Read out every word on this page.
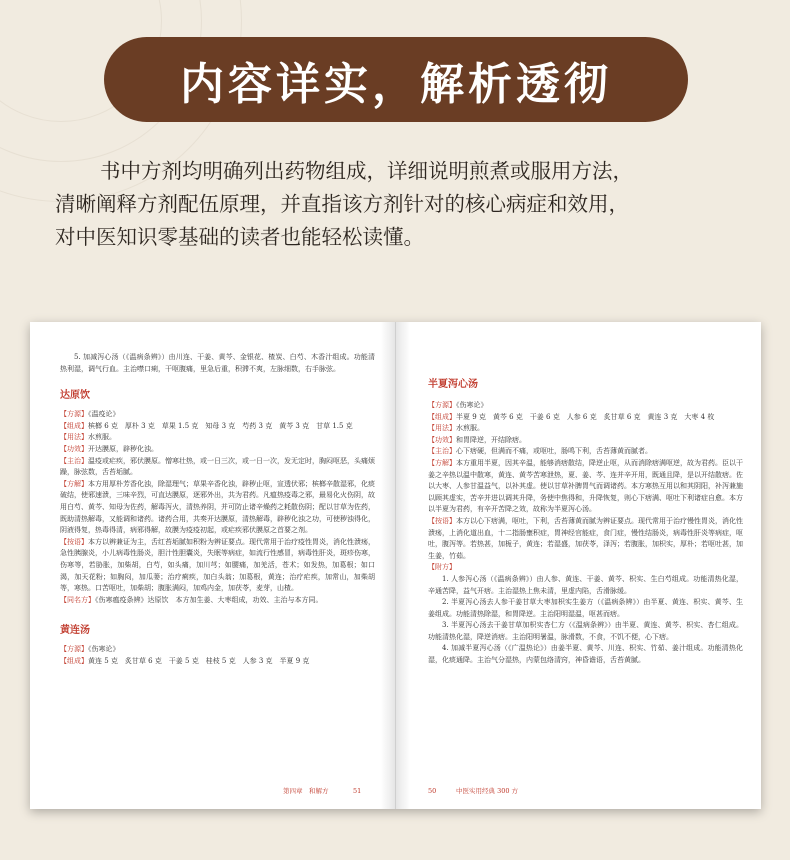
内容详实，解析透彻

书中方剂均明确列出药物组成，详细说明煎煮或服用方法，

清晰阐释方剂配伍原理，并直指该方剂针对的核心病症和效用，

对中医知识零基础的读者也能轻松读懂。

5. 加减泻心汤（《温病条辨》）由川连、干姜、黄芩、金银花、楂炭、白芍、木香汁组成。功能清热利湿，调气行血。主治噤口痢，干呕腹痛，里急后重，积滞不爽，左脉细数，右手脉弦。

达原饮

【方源】《温疫论》

【组成】槟榔 6 克　厚朴 3 克　草果 1.5 克　知母 3 克　芍药 3 克　黄芩 3 克　甘草 1.5 克

【用法】水煎服。

【功效】开达膜原，辟秽化浊。

【主治】温疫或疟疾，邪伏膜原。憎寒壮热，或一日三次，或一日一次，发无定时，胸闷呕恶，头痛烦躁，脉弦数，舌苔垢腻。

【方解】本方用厚朴芳香化浊，除湿理气；草果辛香化浊，辟秽止呕，宣透伏邪；槟榔辛散湿邪，化痰破结，使邪速溃，三味辛烈，可直达膜原，逐邪外出，共为君药。凡瘟热疫毒之邪，最易化火伤阴，故用白芍、黄芩、知母为佐药，解毒泻火，清热养阴，并可防止诸辛燥药之耗散伤阴；配以甘草为佐药，既助清热解毒，又能调和诸药。诸药合用，共奏开达膜原，清热解毒，辟秽化浊之功，可使秽浊得化，阴液得复，热毒得清，病邪得解，故膜为疫疫初起，或疟疾邪伏膜原之首要之剂。

【按语】本方以辨兼证为主，舌红苔垢腻如积粉为辨证要点。现代常用于治疗疫性胃炎，消化性溃疡，急性胰腺炎，小儿病毒性肠炎，胆汁性胆囊炎，失眠等病症，如流行性感冒，病毒性肝炎，斑疹伤寒，伤寒等，若胁胀，加柴胡，白芍，如头痛，加川芎；如腰痛，加羌活，苍术；如发热，加葛根；如口渴，加天花粉；如胸闷，加瓜蒌；治疗痢疾，加白头翁；加葛根，黄连；治疗疟疾，加常山，加柴胡等，寒热。口苦呕吐，加柴胡；腹胀满闷，加鸡内金，加茯苓，麦芽，山楂。

【同名方】《伤寒瘟疫条辨》达原饮　本方加生姜、大枣组成，功效、主治与本方同。

黄连汤

【方源】《伤寒论》

【组成】黄连 5 克　炙甘草 6 克　干姜 5 克　桂枝 5 克　人参 3 克　半夏 9 克

第四章　和解方	51

半夏泻心汤

【方源】《伤寒论》

【组成】半夏 9 克　黄芩 6 克　干姜 6 克　人参 6 克　炙甘草 6 克　黄连 3 克　大枣 4 枚

【用法】水煎服。

【功效】和胃降逆，开结除痞。

【主治】心下痞硬，但满而不痛，或呕吐，肠鸣下利，舌苔薄黄而腻者。

【方解】本方重用半夏，因其辛温，能够消痞散结，降逆止呕，从而消除痞满呕逆，故为君药。臣以干姜之辛热以温中散寒，黄连、黄芩苦寒泄热，夏、姜、芩、连并辛开用，既通且降，是以开结散痞。佐以大枣、人参甘温益气，以补其虚。使以甘草补脾胃气而调诸药。本方寒热互用以和其阴阳，补泻兼施以顾其虚实，苦辛并进以调其升降，务使中焦得和，升降恢复，则心下痞满、呕吐下利诸症自愈。本方以半夏为君药，有辛开苦降之效，故称为半夏泻心汤。

【按语】本方以心下痞满，呕吐，下利，舌苔薄黄而腻为辨证要点。现代常用于治疗慢性胃炎，消化性溃疡，上消化道出血，十二指肠壅积症，胃神经官能症，食门症，慢性结肠炎，病毒性肝炎等病症，呕吐，腹泻等。若热甚，加栀子，黄连；若湿盛，加茯苓，泽泻；若腹胀，加枳实，厚朴；若呕吐甚，加生姜，竹茹。

【附方】

1. 人参泻心汤（《温病条辨》）由人参、黄连、干姜、黄芩、枳实、生白芍组成。功能清热化湿，辛通苦降，益气开痞。主治湿热上焦未清，里虚内陷，舌滑脉缓。

2. 半夏泻心汤去人参干姜甘草大枣加枳实生姜方（《温病条辨》）由半夏、黄连、枳实、黄芩、生姜组成。功能清热除湿，和胃降逆。主治阳明湿温，呕甚而痞。

3. 半夏泻心汤去干姜甘草加枳实杏仁方（《温病条辨》）由半夏、黄连、黄芩、枳实、杏仁组成。功能清热化湿，降逆消痞。主治阳明暑温，脉滑数，不食，不饥不便，心下痞。

4. 加减半夏泻心汤（《广温热论》）由姜半夏、黄芩、川连、枳实、竹茹、姜汁组成。功能清热化湿，化痰通降。主治气分湿热，内蒙包络清窍，神昏谵语，舌苔黄腻。

50	中医实用经典 300 方
